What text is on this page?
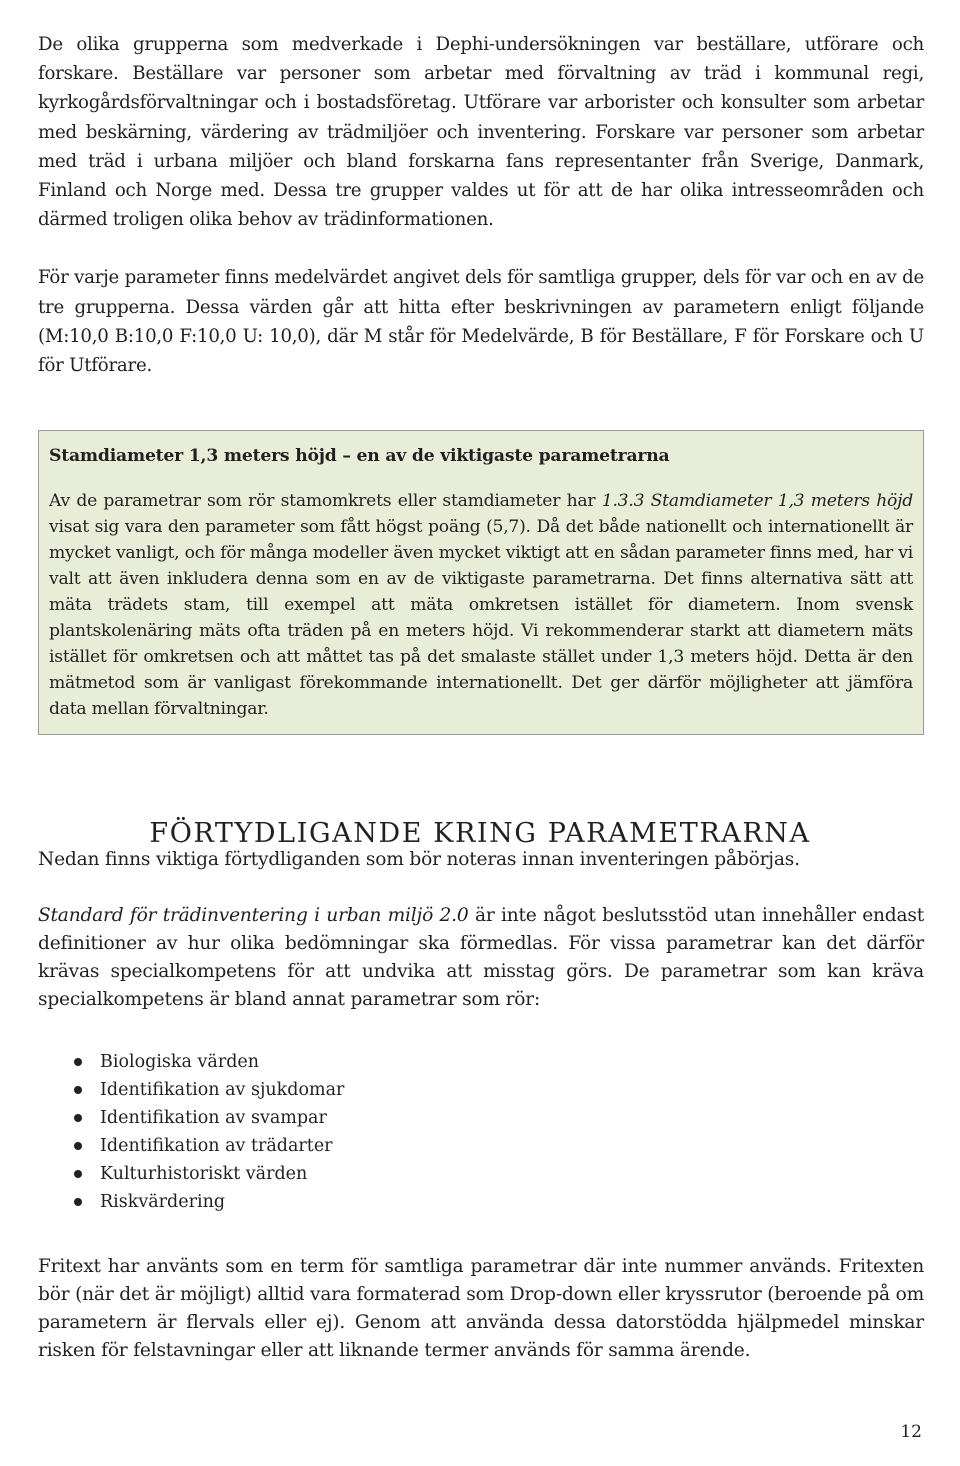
De olika grupperna som medverkade i Dephi-undersökningen var beställare, utförare och forskare. Beställare var personer som arbetar med förvaltning av träd i kommunal regi, kyrkogårdsförvaltningar och i bostadsföretag. Utförare var arborister och konsulter som arbetar med beskärning, värdering av trädmiljöer och inventering. Forskare var personer som arbetar med träd i urbana miljöer och bland forskarna fans representanter från Sverige, Danmark, Finland och Norge med. Dessa tre grupper valdes ut för att de har olika intresseområden och därmed troligen olika behov av trädinformationen.

För varje parameter finns medelvärdet angivet dels för samtliga grupper, dels för var och en av de tre grupperna. Dessa värden går att hitta efter beskrivningen av parametern enligt följande (M:10,0 B:10,0 F:10,0 U: 10,0), där M står för Medelvärde, B för Beställare, F för Forskare och U för Utförare.

Stamdiameter 1,3 meters höjd – en av de viktigaste parametrarna

Av de parametrar som rör stamomkrets eller stamdiameter har 1.3.3 Stamdiameter 1,3 meters höjd visat sig vara den parameter som fått högst poäng (5,7). Då det både nationellt och internationellt är mycket vanligt, och för många modeller även mycket viktigt att en sådan parameter finns med, har vi valt att även inkludera denna som en av de viktigaste parametrarna. Det finns alternativa sätt att mäta trädets stam, till exempel att mäta omkretsen istället för diametern. Inom svensk plantskolenäring mäts ofta träden på en meters höjd. Vi rekommenderar starkt att diametern mäts istället för omkretsen och att måttet tas på det smalaste stället under 1,3 meters höjd. Detta är den mätmetod som är vanligast förekommande internationellt. Det ger därför möjligheter att jämföra data mellan förvaltningar.

FÖRTYDLIGANDE KRING PARAMETRARNA

Nedan finns viktiga förtydliganden som bör noteras innan inventeringen påbörjas.

Standard för trädinventering i urban miljö 2.0 är inte något beslutsstöd utan innehåller endast definitioner av hur olika bedömningar ska förmedlas. För vissa parametrar kan det därför krävas specialkompetens för att undvika att misstag görs. De parametrar som kan kräva specialkompetens är bland annat parametrar som rör:

Biologiska värden
Identifikation av sjukdomar
Identifikation av svampar
Identifikation av trädarter
Kulturhistoriskt värden
Riskvärdering

Fritext har använts som en term för samtliga parametrar där inte nummer används. Fritexten bör (när det är möjligt) alltid vara formaterad som Drop-down eller kryssrutor (beroende på om parametern är flervals eller ej). Genom att använda dessa datorstödda hjälpmedel minskar risken för felstavningar eller att liknande termer används för samma ärende.

12
